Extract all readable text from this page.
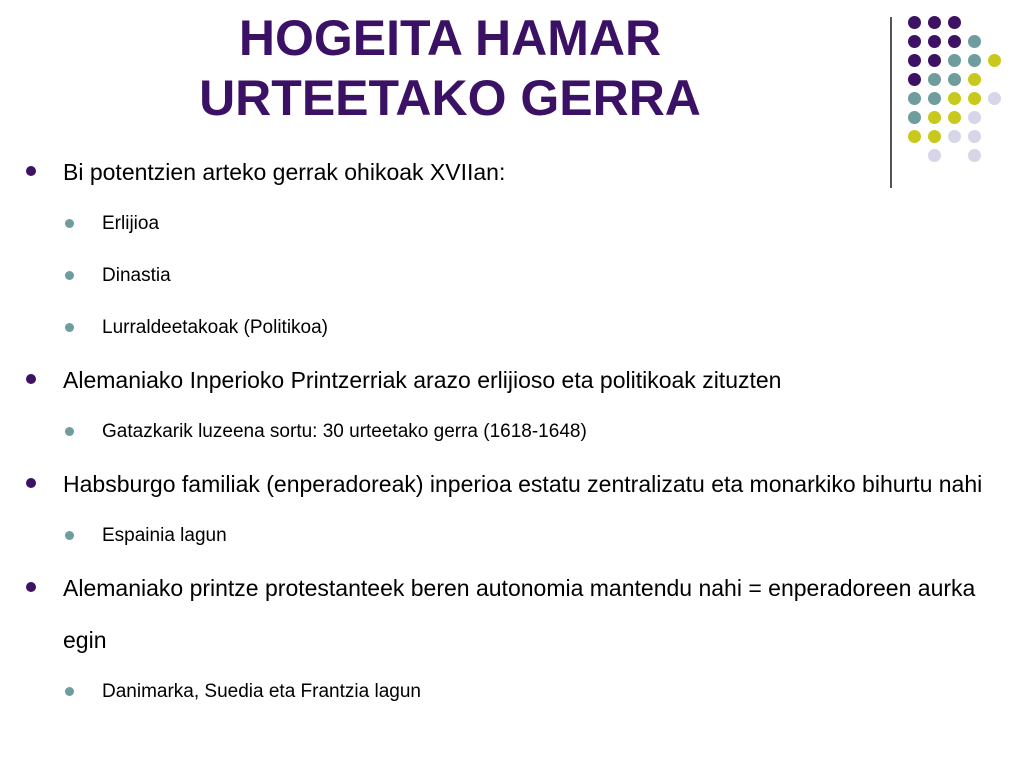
HOGEITA HAMAR
URTEETAKO GERRA
Bi potentzien arteko gerrak ohikoak XVIIan:
Erlijioa
Dinastia
Lurraldeetakoak (Politikoa)
Alemaniako Inperioko Printzerriak arazo erlijioso eta politikoak zituzten
Gatazkarik luzeena sortu: 30 urteetako gerra (1618-1648)
Habsburgo familiak (enperadoreak) inperioa estatu zentralizatu eta monarkiko bihurtu nahi
Espainia lagun
Alemaniako printze protestanteek beren autonomia mantendu nahi = enperadoreen aurka egin
Danimarka, Suedia eta Frantzia lagun
